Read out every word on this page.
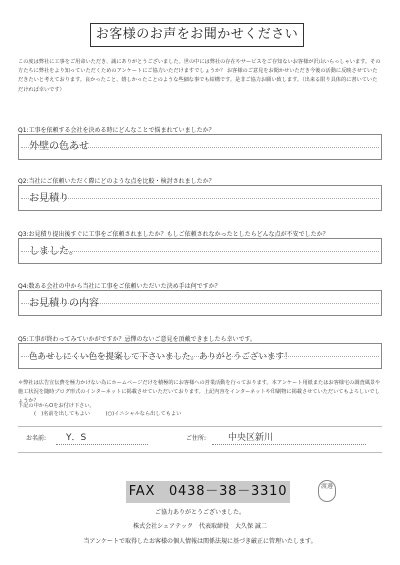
お客様のお声をお聞かせください
この度は弊社に工事をご用命いただき、誠にありがとうございました。世の中には弊社の存在やサービスをご存知ないお客様が沢山いらっしゃいます。その方たちに弊社をより知っていただくためのアンケートにご協力いただけますでしょうか？ お客様のご意見をお聞かせいただき今後の活動に反映させていただきたいと考えております。良かったこと、嬉しかったことのような些細な事でも結構です。是非ご協力お願い致します。（出来る限り具体的に書いていただければ幸いです）
Q1:工事を依頼する会社を決める時にどんなことで悩まれていましたか？
外壁の色あせ
Q2:当社にご依頼いただく際にどのような点を比較・検討されましたか？
お見積り
Q3:お見積り提出後すぐに工事をご依頼されましたか？もしご依頼されなかったとしたらどんな点が不安でしたか？
しました。
Q4:数ある会社の中から当社に工事をご依頼いただいた決め手は何ですか？
お見積りの内容
Q5:工事が終わってみていかがですか？忌憚のないご意見を頂戴できましたら幸いです。
色あせしにくい色を提案して下さいました。ありがとうございます！
＊弊社は広告宣伝費を極力かけない為にホームページだけを積極的にお客様への営業活動を行っております。本アンケート用紙またはお客様宅の調査風景や施工状況を随時ブログ形式のインターネットに掲載させていただいております。上記内容をインターネットや印刷物に掲載させていただいてもよろしいでしょうか？
下記の中からOをお付け下さい。
(　)名前を出してもよい	(○)イニシャルなら出してもよい
お名前: Y．S	ご住所: 中央区新川
FAX　0438－38－3310	渡邊
ご協力ありがとうございました。
株式会社シェアテック　代表取締役　大久保 誠二
当アンケートで取得したお客様の個人情報は関係法規に基づき厳正に管理いたします。
